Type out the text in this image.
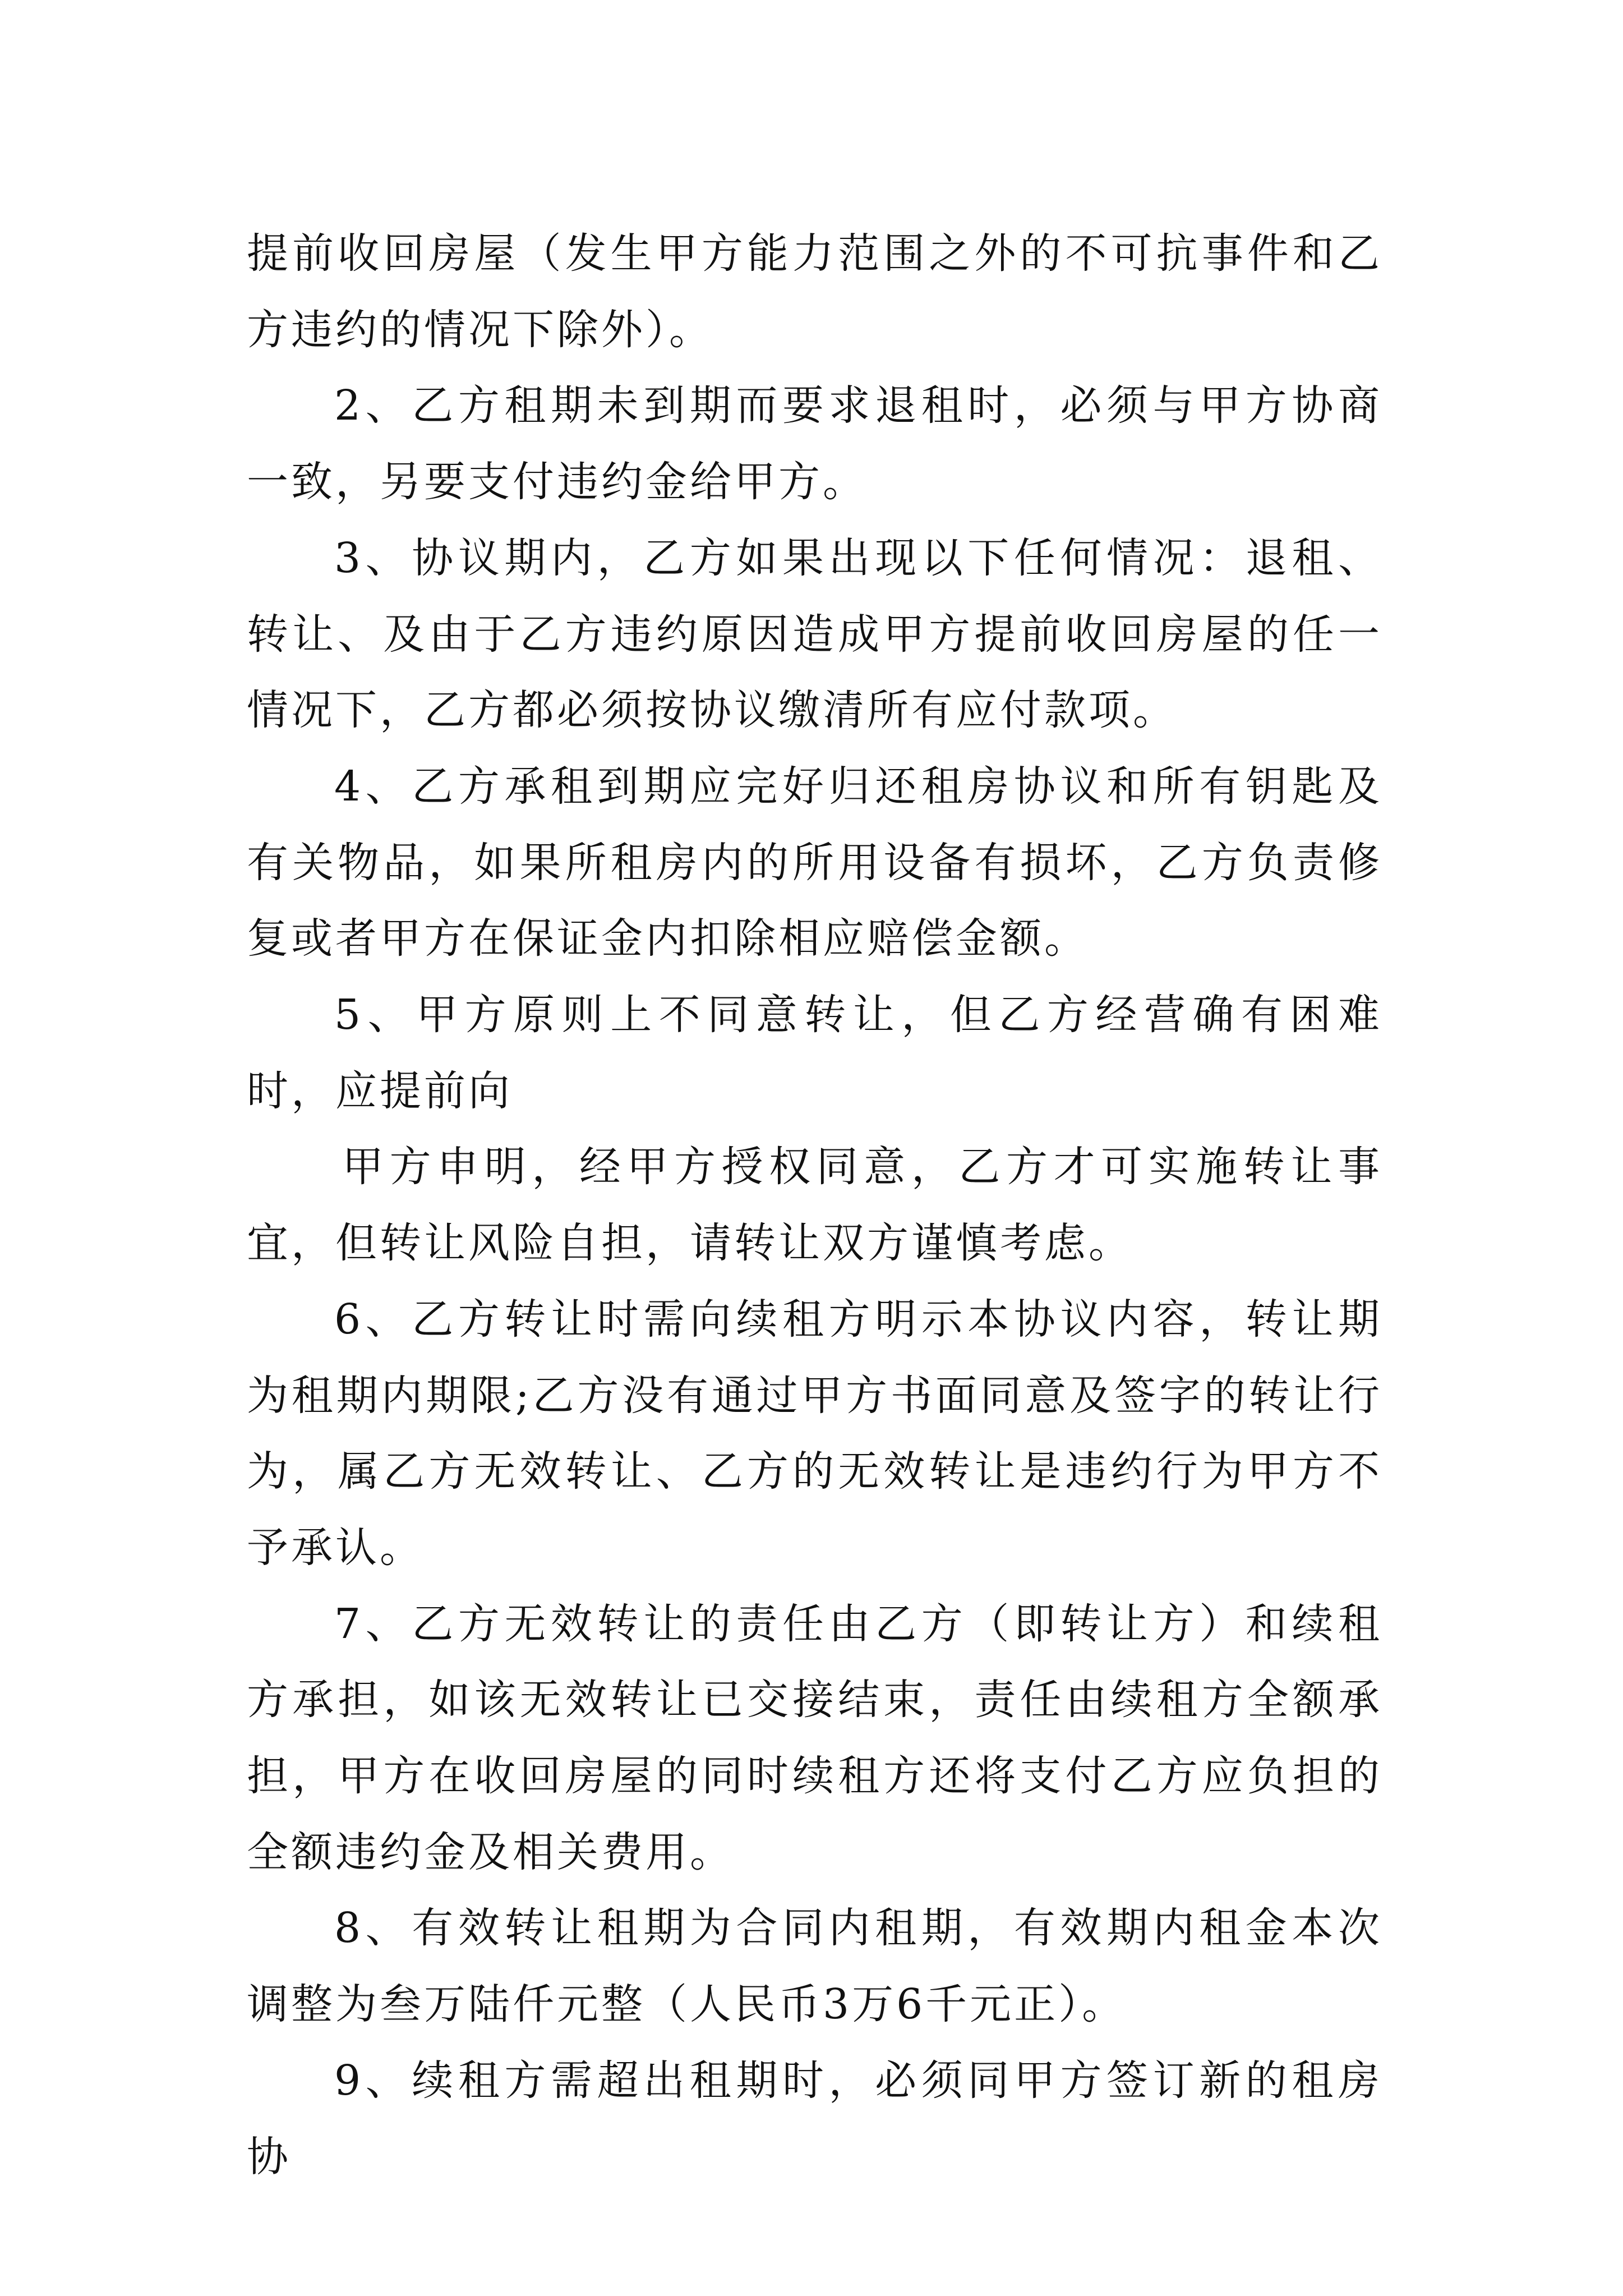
提前收回房屋（发生甲方能力范围之外的不可抗事件和乙方违约的情况下除外）。

2、乙方租期未到期而要求退租时，必须与甲方协商一致，另要支付违约金给甲方。

3、协议期内，乙方如果出现以下任何情况：退租、转让、及由于乙方违约原因造成甲方提前收回房屋的任一情况下，乙方都必须按协议缴清所有应付款项。

4、乙方承租到期应完好归还租房协议和所有钥匙及有关物品，如果所租房内的所用设备有损坏，乙方负责修复或者甲方在保证金内扣除相应赔偿金额。

5、甲方原则上不同意转让，但乙方经营确有困难时，应提前向

甲方申明，经甲方授权同意，乙方才可实施转让事宜，但转让风险自担，请转让双方谨慎考虑。

6、乙方转让时需向续租方明示本协议内容，转让期为租期内期限;乙方没有通过甲方书面同意及签字的转让行为，属乙方无效转让、乙方的无效转让是违约行为甲方不予承认。

7、乙方无效转让的责任由乙方（即转让方）和续租方承担，如该无效转让已交接结束，责任由续租方全额承担，甲方在收回房屋的同时续租方还将支付乙方应负担的全额违约金及相关费用。

8、有效转让租期为合同内租期，有效期内租金本次调整为叁万陆仟元整（人民币3万6千元正）。

9、续租方需超出租期时，必须同甲方签订新的租房协
